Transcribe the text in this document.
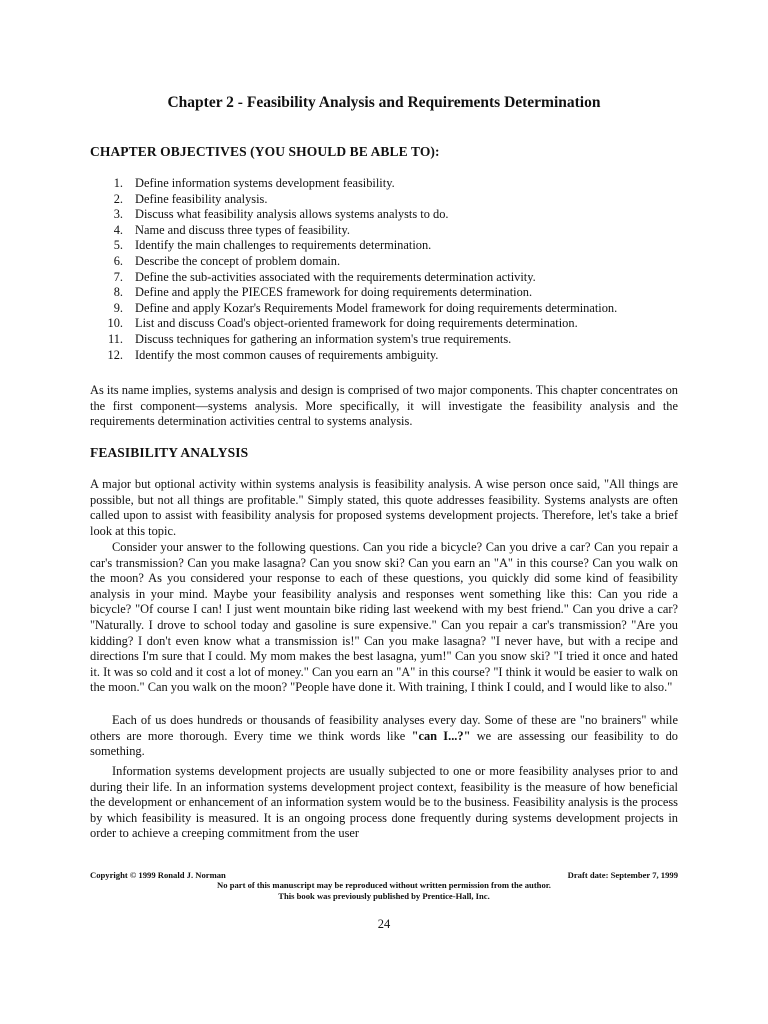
Chapter 2 - Feasibility Analysis and Requirements Determination
CHAPTER OBJECTIVES (YOU SHOULD BE ABLE TO):
1. Define information systems development feasibility.
2. Define feasibility analysis.
3. Discuss what feasibility analysis allows systems analysts to do.
4. Name and discuss three types of feasibility.
5. Identify the main challenges to requirements determination.
6. Describe the concept of problem domain.
7. Define the sub-activities associated with the requirements determination activity.
8. Define and apply the PIECES framework for doing requirements determination.
9. Define and apply Kozar's Requirements Model framework for doing requirements determination.
10. List and discuss Coad's object-oriented framework for doing requirements determination.
11. Discuss techniques for gathering an information system's true requirements.
12. Identify the most common causes of requirements ambiguity.

As its name implies, systems analysis and design is comprised of two major components. This chapter concentrates on the first component—systems analysis. More specifically, it will investigate the feasibility analysis and the requirements determination activities central to systems analysis.

FEASIBILITY ANALYSIS

A major but optional activity within systems analysis is feasibility analysis. A wise person once said, "All things are possible, but not all things are profitable." Simply stated, this quote addresses feasibility. Systems analysts are often called upon to assist with feasibility analysis for proposed systems development projects. Therefore, let's take a brief look at this topic.

Consider your answer to the following questions. Can you ride a bicycle? Can you drive a car? Can you repair a car's transmission? Can you make lasagna? Can you snow ski? Can you earn an "A" in this course? Can you walk on the moon? As you considered your response to each of these questions, you quickly did some kind of feasibility analysis in your mind. Maybe your feasibility analysis and responses went something like this: Can you ride a bicycle? "Of course I can! I just went mountain bike riding last weekend with my best friend." Can you drive a car? "Naturally. I drove to school today and gasoline is sure expensive." Can you repair a car's transmission? "Are you kidding? I don't even know what a transmission is!" Can you make lasagna? "I never have, but with a recipe and directions I'm sure that I could. My mom makes the best lasagna, yum!" Can you snow ski? "I tried it once and hated it. It was so cold and it cost a lot of money." Can you earn an "A" in this course? "I think it would be easier to walk on the moon." Can you walk on the moon? "People have done it. With training, I think I could, and I would like to also."

Each of us does hundreds or thousands of feasibility analyses every day. Some of these are "no brainers" while others are more thorough. Every time we think words like "can I...?" we are assessing our feasibility to do something.

Information systems development projects are usually subjected to one or more feasibility analyses prior to and during their life. In an information systems development project context, feasibility is the measure of how beneficial the development or enhancement of an information system would be to the business. Feasibility analysis is the process by which feasibility is measured. It is an ongoing process done frequently during systems development projects in order to achieve a creeping commitment from the user

Copyright © 1999 Ronald J. Norman	Draft date: September 7, 1999
No part of this manuscript may be reproduced without written permission from the author.
This book was previously published by Prentice-Hall, Inc.
24
